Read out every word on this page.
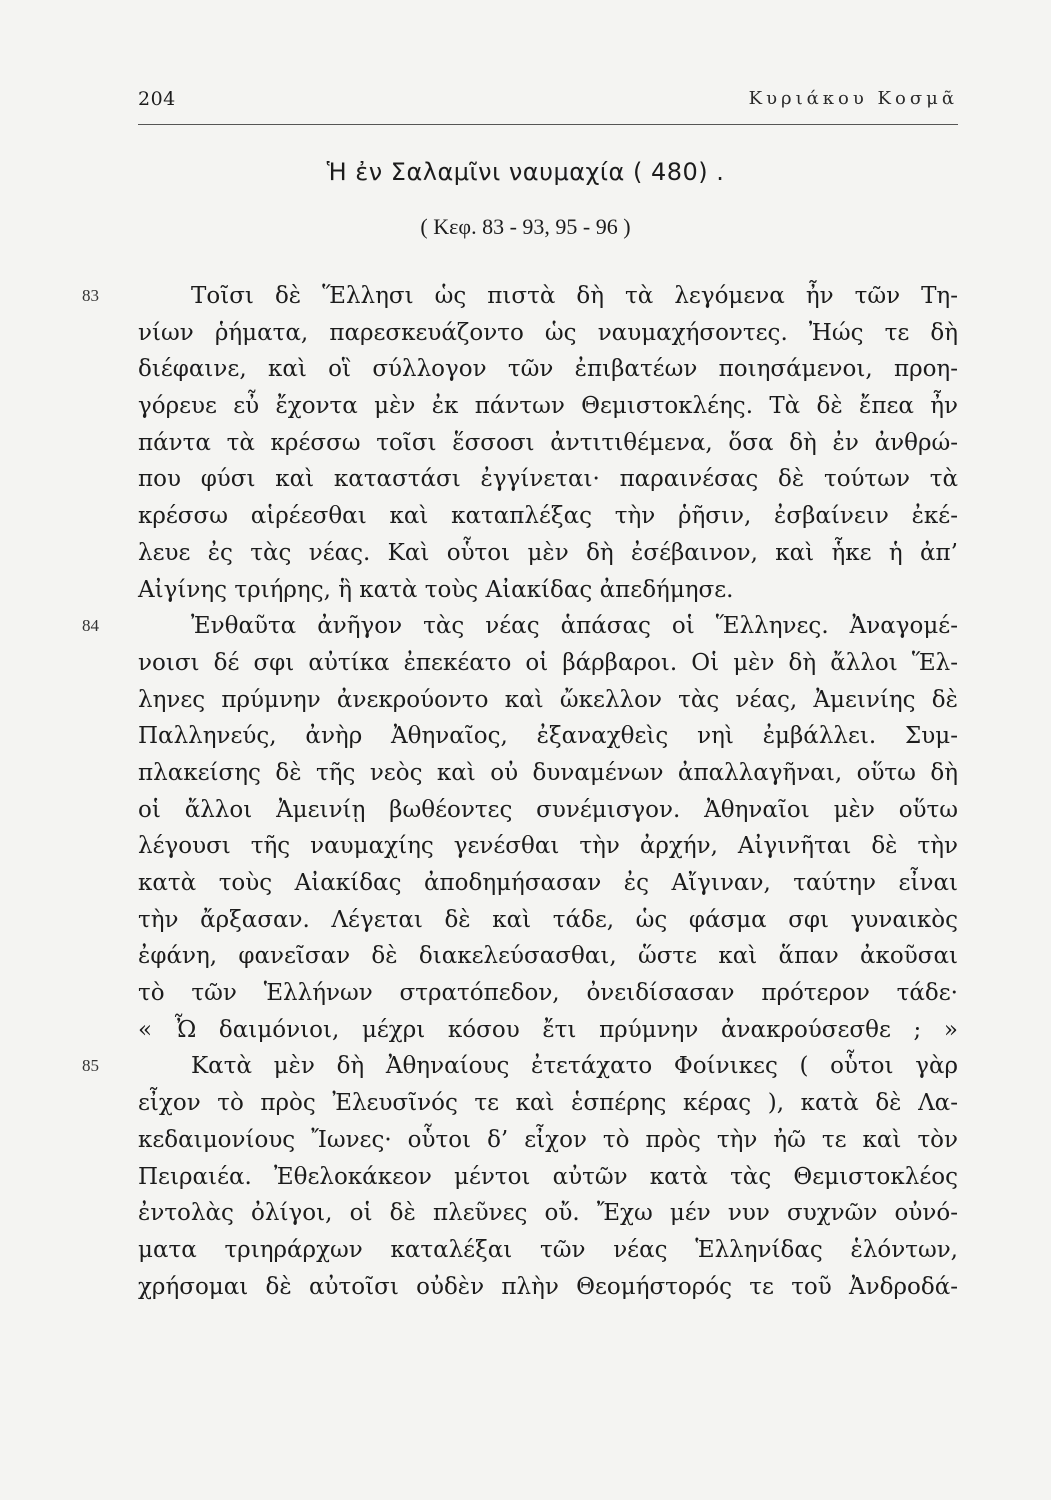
204	Κυριάκου Κοσμᾶ
Ἡ ἐν Σαλαμῖνι ναυμαχία ( 480) .
( Κεφ. 83 - 93, 95 - 96 )
83	Τοῖσι δὲ Ἕλλησι ὡς πιστὰ δὴ τὰ λεγόμενα ἦν τῶν Τη-
νίων ῥήματα, παρεσκευάζοντο ὡς ναυμαχήσοντες. Ἠώς τε δὴ
διέφαινε, καὶ οἳ σύλλογον τῶν ἐπιβατέων ποιησάμενοι, προη-
γόρευε εὖ ἔχοντα μὲν ἐκ πάντων Θεμιστοκλέης. Τὰ δὲ ἔπεα ἦν
πάντα τὰ κρέσσω τοῖσι ἕσσοσι ἀντιτιθέμενα, ὅσα δὴ ἐν ἀνθρώ-
που φύσι καὶ καταστάσι ἐγγίνεται· παραινέσας δὲ τούτων τὰ
κρέσσω αἱρέεσθαι καὶ καταπλέξας τὴν ῥῆσιν, ἐσβαίνειν ἐκέ-
λευε ἐς τὰς νέας. Καὶ οὗτοι μὲν δὴ ἐσέβαινον, καὶ ἧκε ἡ ἀπ’
Αἰγίνης τριήρης, ἣ κατὰ τοὺς Αἰακίδας ἀπεδήμησε.
84	Ἐνθαῦτα ἀνῆγον τὰς νέας ἁπάσας οἱ Ἕλληνες. Ἀναγομέ-
νοισι δέ σφι αὐτίκα ἐπεκέατο οἱ βάρβαροι. Οἱ μὲν δὴ ἄλλοι Ἕλ-
ληνες πρύμνην ἀνεκρούοντο καὶ ὤκελλον τὰς νέας, Ἀμεινίης δὲ
Παλληνεύς, ἀνὴρ Ἀθηναῖος, ἐξαναχθεὶς νηὶ ἐμβάλλει. Συμ-
πλακείσης δὲ τῆς νεὸς καὶ οὐ δυναμένων ἀπαλλαγῆναι, οὕτω δὴ
οἱ ἄλλοι Ἀμεινίῃ βωθέοντες συνέμισγον. Ἀθηναῖοι μὲν οὕτω
λέγουσι τῆς ναυμαχίης γενέσθαι τὴν ἀρχήν, Αἰγινῆται δὲ τὴν
κατὰ τοὺς Αἰακίδας ἀποδημήσασαν ἐς Αἴγιναν, ταύτην εἶναι
τὴν ἄρξασαν. Λέγεται δὲ καὶ τάδε, ὡς φάσμα σφι γυναικὸς
ἐφάνη, φανεῖσαν δὲ διακελεύσασθαι, ὥστε καὶ ἅπαν ἀκοῦσαι
τὸ τῶν Ἑλλήνων στρατόπεδον, ὀνειδίσασαν πρότερον τάδε·
« Ὦ δαιμόνιοι, μέχρι κόσου ἔτι πρύμνην ἀνακρούσεσθε ; »
85	Κατὰ μὲν δὴ Ἀθηναίους ἐτετάχατο Φοίνικες ( οὗτοι γὰρ
εἶχον τὸ πρὸς Ἐλευσῖνός τε καὶ ἑσπέρης κέρας ), κατὰ δὲ Λα-
κεδαιμονίους Ἴωνες· οὗτοι δ’ εἶχον τὸ πρὸς τὴν ἠῶ τε καὶ τὸν
Πειραιέα. Ἐθελοκάκεον μέντοι αὐτῶν κατὰ τὰς Θεμιστοκλέος
ἐντολὰς ὀλίγοι, οἱ δὲ πλεῦνες οὔ. Ἔχω μέν νυν συχνῶν οὐνό-
ματα τριηράρχων καταλέξαι τῶν νέας Ἑλληνίδας ἑλόντων,
χρήσομαι δὲ αὐτοῖσι οὐδὲν πλὴν Θεομήστορός τε τοῦ Ἀνδροδά-
